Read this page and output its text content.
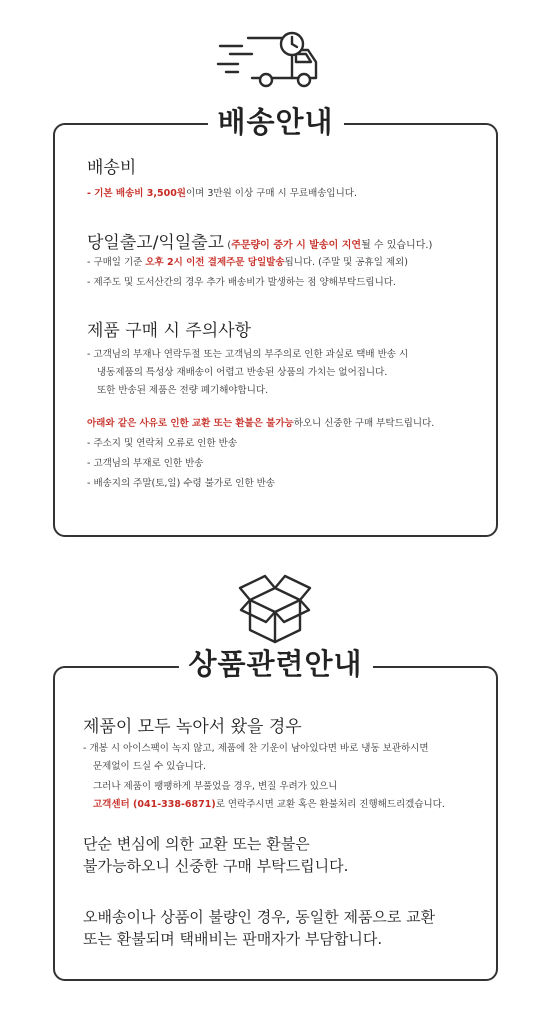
배송안내
배송비
- 기본 배송비 3,500원이며 3만원 이상 구매 시 무료배송입니다.
당일출고/익일출고 (주문량이 증가 시 발송이 지연될 수 있습니다.)
- 구매일 기준 오후 2시 이전 결제주문 당일발송됩니다. (주말 및 공휴일 제외)
- 제주도 및 도서산간의 경우 추가 배송비가 발생하는 점 양해부탁드립니다.
제품 구매 시 주의사항
- 고객님의 부재나 연락두절 또는 고객님의 부주의로 인한 과실로 택배 반송 시
냉동제품의 특성상 재배송이 어렵고 반송된 상품의 가치는 없어집니다.
또한 반송된 제품은 전량 폐기해야합니다.
아래와 같은 사유로 인한 교환 또는 환불은 불가능하오니 신중한 구매 부탁드립니다.
- 주소지 및 연락처 오류로 인한 반송
- 고객님의 부재로 인한 반송
- 배송지의 주말(토,일) 수령 불가로 인한 반송
상품관련안내
제품이 모두 녹아서 왔을 경우
- 개봉 시 아이스팩이 녹지 않고, 제품에 찬 기운이 남아있다면 바로 냉동 보관하시면
문제없이 드실 수 있습니다.
그러나 제품이 팽팽하게 부풀었을 경우, 변질 우려가 있으니
고객센터 (041-338-6871)로 연락주시면 교환 혹은 환불처리 진행해드리겠습니다.
단순 변심에 의한 교환 또는 환불은
불가능하오니 신중한 구매 부탁드립니다.
오배송이나 상품이 불량인 경우, 동일한 제품으로 교환
또는 환불되며 택배비는 판매자가 부담합니다.
